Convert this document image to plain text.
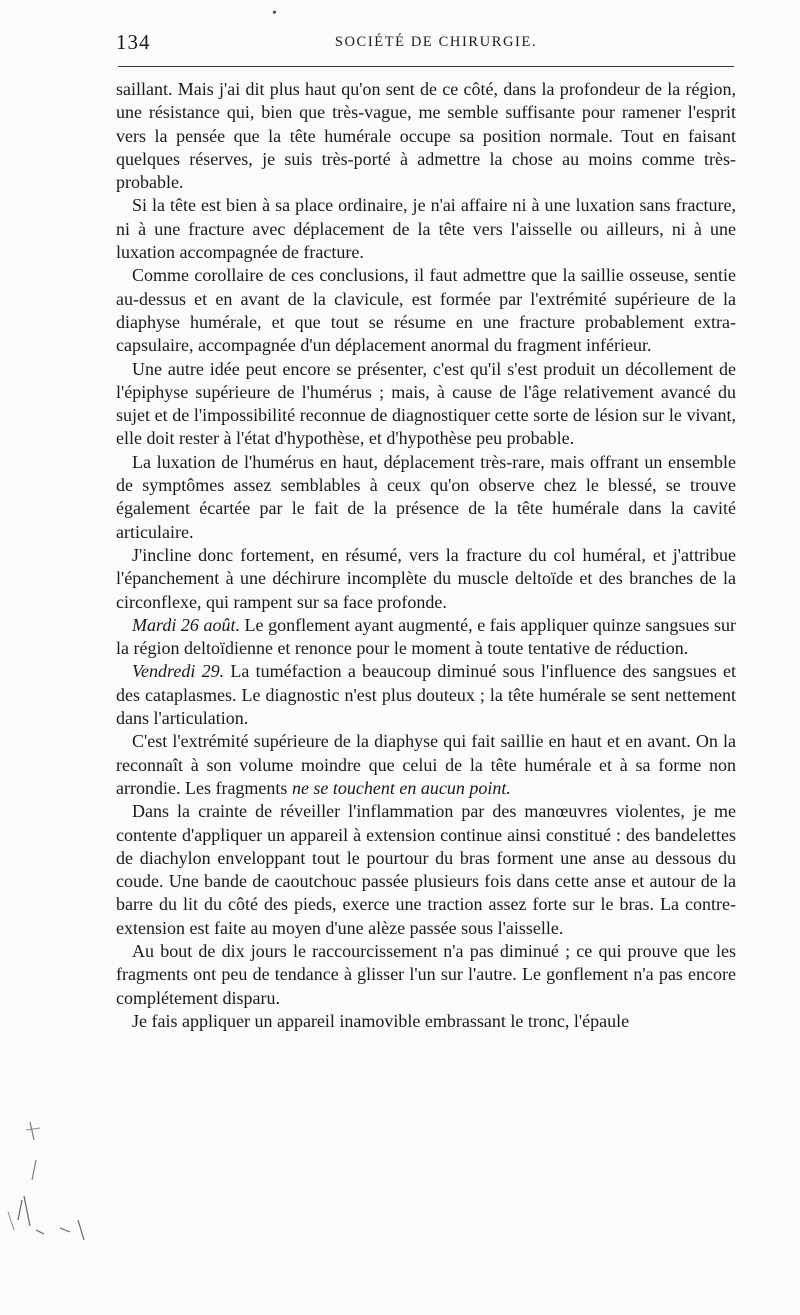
134	SOCIÉTÉ DE CHIRURGIE.
•

saillant. Mais j'ai dit plus haut qu'on sent de ce côté, dans la profondeur de la région, une résistance qui, bien que très-vague, me semble suffisante pour ramener l'esprit vers la pensée que la tête humérale occupe sa position normale. Tout en faisant quelques réserves, je suis très-porté à admettre la chose au moins comme très-probable.

Si la tête est bien à sa place ordinaire, je n'ai affaire ni à une luxation sans fracture, ni à une fracture avec déplacement de la tête vers l'aisselle ou ailleurs, ni à une luxation accompagnée de fracture.

Comme corollaire de ces conclusions, il faut admettre que la saillie osseuse, sentie au-dessus et en avant de la clavicule, est formée par l'extrémité supérieure de la diaphyse humérale, et que tout se résume en une fracture probablement extra-capsulaire, accompagnée d'un déplacement anormal du fragment inférieur.

Une autre idée peut encore se présenter, c'est qu'il s'est produit un décollement de l'épiphyse supérieure de l'humérus ; mais, à cause de l'âge relativement avancé du sujet et de l'impossibilité reconnue de diagnostiquer cette sorte de lésion sur le vivant, elle doit rester à l'état d'hypothèse, et d'hypothèse peu probable.

La luxation de l'humérus en haut, déplacement très-rare, mais offrant un ensemble de symptômes assez semblables à ceux qu'on observe chez le blessé, se trouve également écartée par le fait de la présence de la tête humérale dans la cavité articulaire.

J'incline donc fortement, en résumé, vers la fracture du col huméral, et j'attribue l'épanchement à une déchirure incomplète du muscle deltoïde et des branches de la circonflexe, qui rampent sur sa face profonde.

Mardi 26 août. Le gonflement ayant augmenté, e fais appliquer quinze sangsues sur la région deltoïdienne et renonce pour le moment à toute tentative de réduction.

Vendredi 29. La tuméfaction a beaucoup diminué sous l'influence des sangsues et des cataplasmes. Le diagnostic n'est plus douteux ; la tête humérale se sent nettement dans l'articulation.

C'est l'extrémité supérieure de la diaphyse qui fait saillie en haut et en avant. On la reconnaît à son volume moindre que celui de la tête humérale et à sa forme non arrondie. Les fragments ne se touchent en aucun point.

Dans la crainte de réveiller l'inflammation par des manœuvres violentes, je me contente d'appliquer un appareil à extension continue ainsi constitué : des bandelettes de diachylon enveloppant tout le pourtour du bras forment une anse au dessous du coude. Une bande de caoutchouc passée plusieurs fois dans cette anse et autour de la barre du lit du côté des pieds, exerce une traction assez forte sur le bras. La contre-extension est faite au moyen d'une alèze passée sous l'aisselle.

Au bout de dix jours le raccourcissement n'a pas diminué ; ce qui prouve que les fragments ont peu de tendance à glisser l'un sur l'autre. Le gonflement n'a pas encore complétement disparu.

Je fais appliquer un appareil inamovible embrassant le tronc, l'épaule
